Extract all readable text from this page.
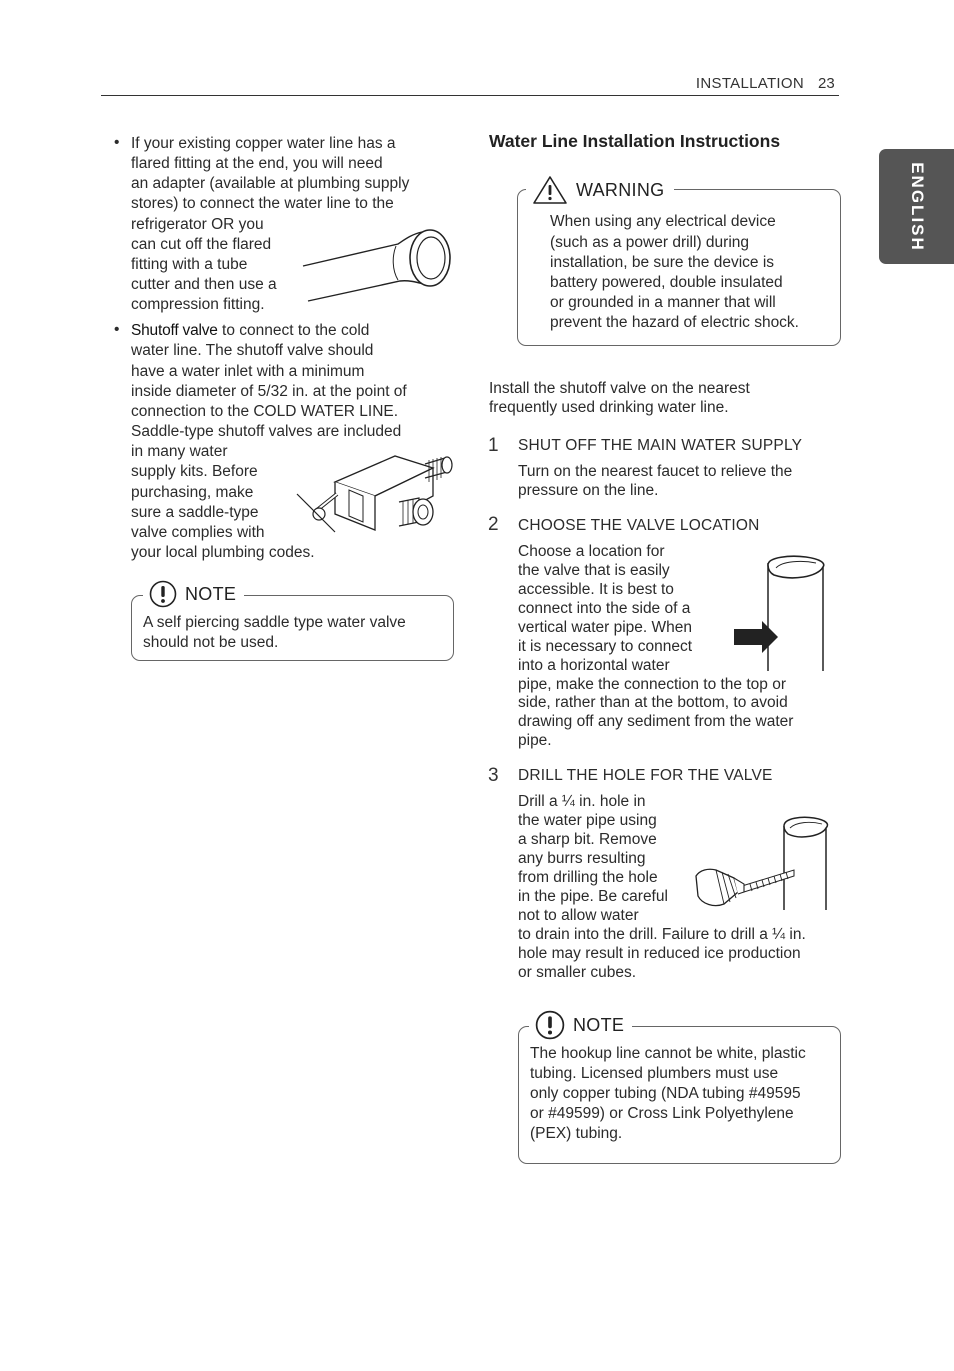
INSTALLATION 23
ENGLISH
• If your existing copper water line has a
flared fitting at the end, you will need
an adapter (available at plumbing supply
stores) to connect the water line to the
refrigerator OR you
can cut off the flared
fitting with a tube
cutter and then use a
compression fitting.
• Shutoff valve to connect to the cold
water line. The shutoff valve should
have a water inlet with a minimum
inside diameter of 5/32 in. at the point of
connection to the COLD WATER LINE.
Saddle-type shutoff valves are included
in many water
supply kits. Before
purchasing, make
sure a saddle-type
valve complies with
your local plumbing codes.
NOTE
A self piercing saddle type water valve
should not be used.
Water Line Installation Instructions
WARNING
When using any electrical device
(such as a power drill) during
installation, be sure the device is
battery powered, double insulated
or grounded in a manner that will
prevent the hazard of electric shock.
Install the shutoff valve on the nearest
frequently used drinking water line.
1 SHUT OFF THE MAIN WATER SUPPLY
Turn on the nearest faucet to relieve the
pressure on the line.
2 CHOOSE THE VALVE LOCATION
Choose a location for
the valve that is easily
accessible. It is best to
connect into the side of a
vertical water pipe. When
it is necessary to connect
into a horizontal water
pipe, make the connection to the top or
side, rather than at the bottom, to avoid
drawing off any sediment from the water
pipe.
3 DRILL THE HOLE FOR THE VALVE
Drill a ¼ in. hole in
the water pipe using
a sharp bit. Remove
any burrs resulting
from drilling the hole
in the pipe. Be careful
not to allow water
to drain into the drill. Failure to drill a ¼ in.
hole may result in reduced ice production
or smaller cubes.
NOTE
The hookup line cannot be white, plastic
tubing. Licensed plumbers must use
only copper tubing (NDA tubing #49595
or #49599) or Cross Link Polyethylene
(PEX) tubing.
